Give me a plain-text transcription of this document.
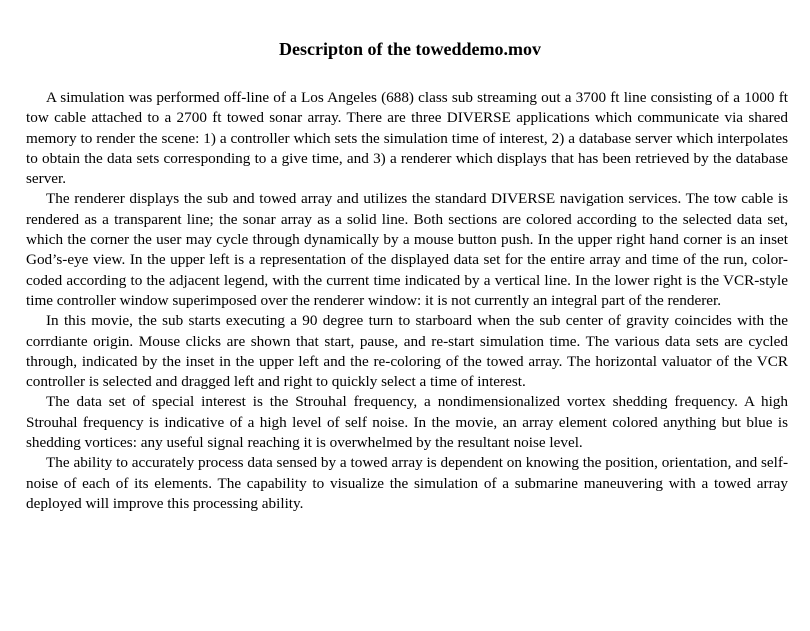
Descripton of the toweddemo.mov

A simulation was performed off-line of a Los Angeles (688) class sub streaming out a 3700 ft line consisting of a 1000 ft tow cable attached to a 2700 ft towed sonar array. There are three DIVERSE applications which communicate via shared memory to render the scene: 1) a controller which sets the simulation time of interest, 2) a database server which interpolates to obtain the data sets corresponding to a give time, and 3) a renderer which displays that has been retrieved by the database server.

The renderer displays the sub and towed array and utilizes the standard DIVERSE navigation services. The tow cable is rendered as a transparent line; the sonar array as a solid line. Both sections are colored according to the selected data set, which the corner the user may cycle through dynamically by a mouse button push. In the upper right hand corner is an inset God’s-eye view. In the upper left is a representation of the displayed data set for the entire array and time of the run, color-coded according to the adjacent legend, with the current time indicated by a vertical line. In the lower right is the VCR-style time controller window superimposed over the renderer window: it is not currently an integral part of the renderer.

In this movie, the sub starts executing a 90 degree turn to starboard when the sub center of gravity coincides with the corrdiante origin. Mouse clicks are shown that start, pause, and re-start simulation time. The various data sets are cycled through, indicated by the inset in the upper left and the re-coloring of the towed array. The horizontal valuator of the VCR controller is selected and dragged left and right to quickly select a time of interest.

The data set of special interest is the Strouhal frequency, a nondimensionalized vortex shedding frequency. A high Strouhal frequency is indicative of a high level of self noise. In the movie, an array element colored anything but blue is shedding vortices: any useful signal reaching it is overwhelmed by the resultant noise level.

The ability to accurately process data sensed by a towed array is dependent on knowing the position, orientation, and self-noise of each of its elements. The capability to visualize the simulation of a submarine maneuvering with a towed array deployed will improve this processing ability.
